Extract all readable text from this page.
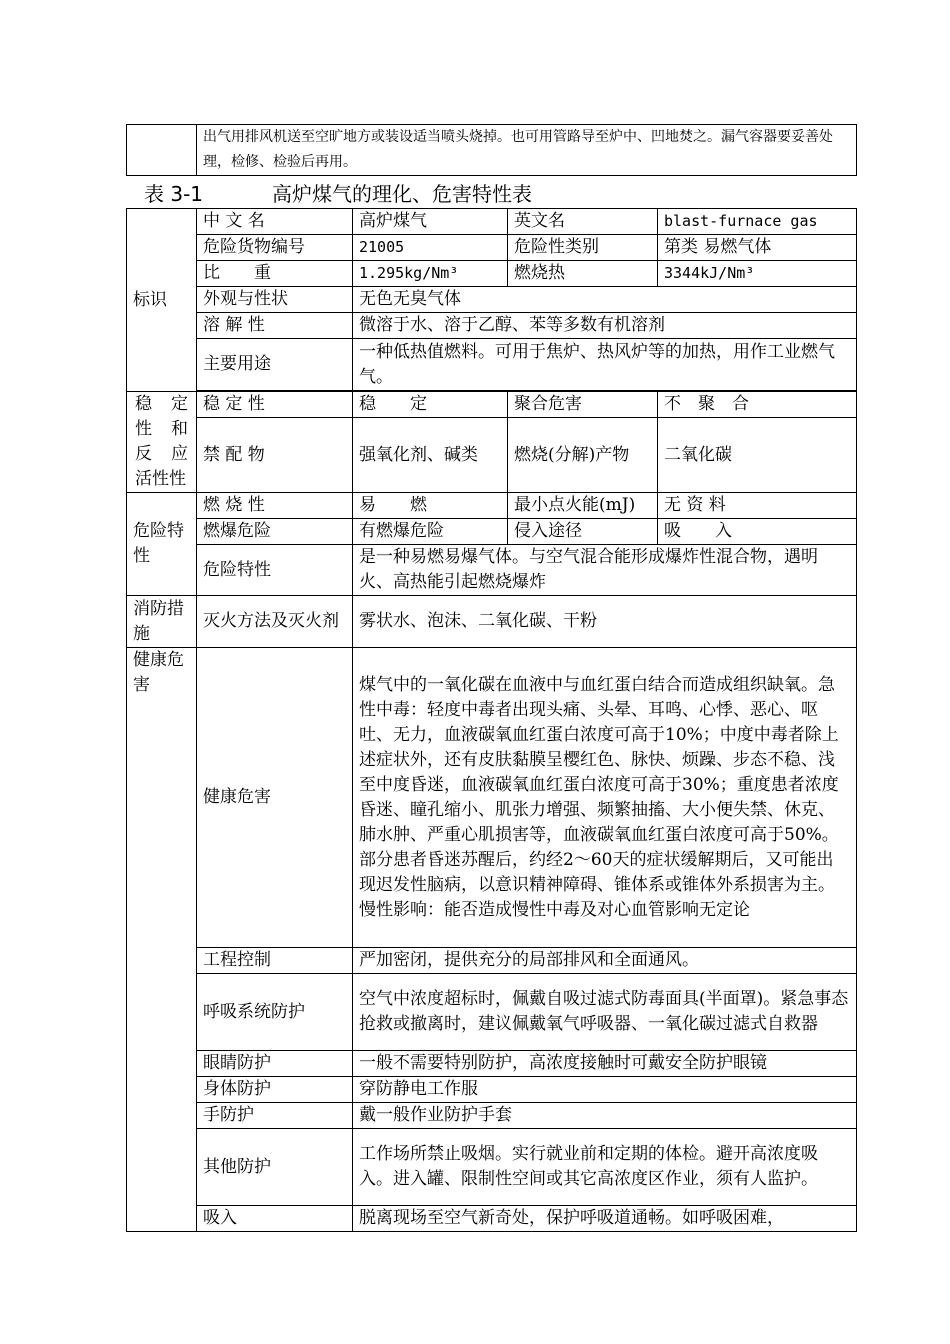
	出气用排风机送至空旷地方或装设适当喷头烧掉。也可用管路导至炉中、凹地焚之。漏气容器要妥善处理，检修、检验后再用。
表 3-1	高炉煤气的理化、危害特性表
标识	中 文 名	高炉煤气	英文名	blast-furnace gas
	危险货物编号	21005	危险性类别	第类 易燃气体
	比　　重	1.295kg/Nm³	燃烧热	3344kJ/Nm³
	外观与性状	无色无臭气体		
	溶 解 性	微溶于水、溶于乙醇、苯等多数有机溶剂		
	主要用途	一种低热值燃料。可用于焦炉、热风炉等的加热，用作工业燃气气。		

稳　定 性　和 反　应 活性性	稳 定 性	稳　　定	聚合危害	不　聚　合
	禁 配 物	强氧化剂、碱类	燃烧(分解)产物	二氧化碳
危险特性	燃 烧 性	易　　燃	最小点火能(mJ)	无 资 料
	燃爆危险	有燃爆危险	侵入途径	吸　　入
	危险特性	是一种易燃易爆气体。与空气混合能形成爆炸性混合物，遇明火、高热能引起燃烧爆炸		
消防措施	灭火方法及灭火剂	雾状水、泡沫、二氧化碳、干粉		
健康危害	健康危害	煤气中的一氧化碳在血液中与血红蛋白结合而造成组织缺氧。急性中毒：轻度中毒者出现头痛、头晕、耳鸣、心悸、恶心、呕吐、无力，血液碳氧血红蛋白浓度可高于10%；中度中毒者除上述症状外，还有皮肤黏膜呈樱红色、脉快、烦躁、步态不稳、浅至中度昏迷，血液碳氧血红蛋白浓度可高于30%；重度患者浓度昏迷、瞳孔缩小、肌张力增强、频繁抽搐、大小便失禁、休克、肺水肿、严重心肌损害等，血液碳氧血红蛋白浓度可高于50%。部分患者昏迷苏醒后，约经2～60天的症状缓解期后，又可能出现迟发性脑病，以意识精神障碍、锥体系或锥体外系损害为主。慢性影响：能否造成慢性中毒及对心血管影响无定论		
	工程控制	严加密闭，提供充分的局部排风和全面通风。		
	呼吸系统防护	空气中浓度超标时，佩戴自吸过滤式防毒面具(半面罩)。紧急事态抢救或撤离时，建议佩戴氧气呼吸器、一氧化碳过滤式自救器		
	眼睛防护	一般不需要特别防护，高浓度接触时可戴安全防护眼镜		
	身体防护	穿防静电工作服		
	手防护	戴一般作业防护手套		
	其他防护	工作场所禁止吸烟。实行就业前和定期的体检。避开高浓度吸入。进入罐、限制性空间或其它高浓度区作业，须有人监护。		
	吸入	脱离现场至空气新奇处，保护呼吸道通畅。如呼吸困难，		
